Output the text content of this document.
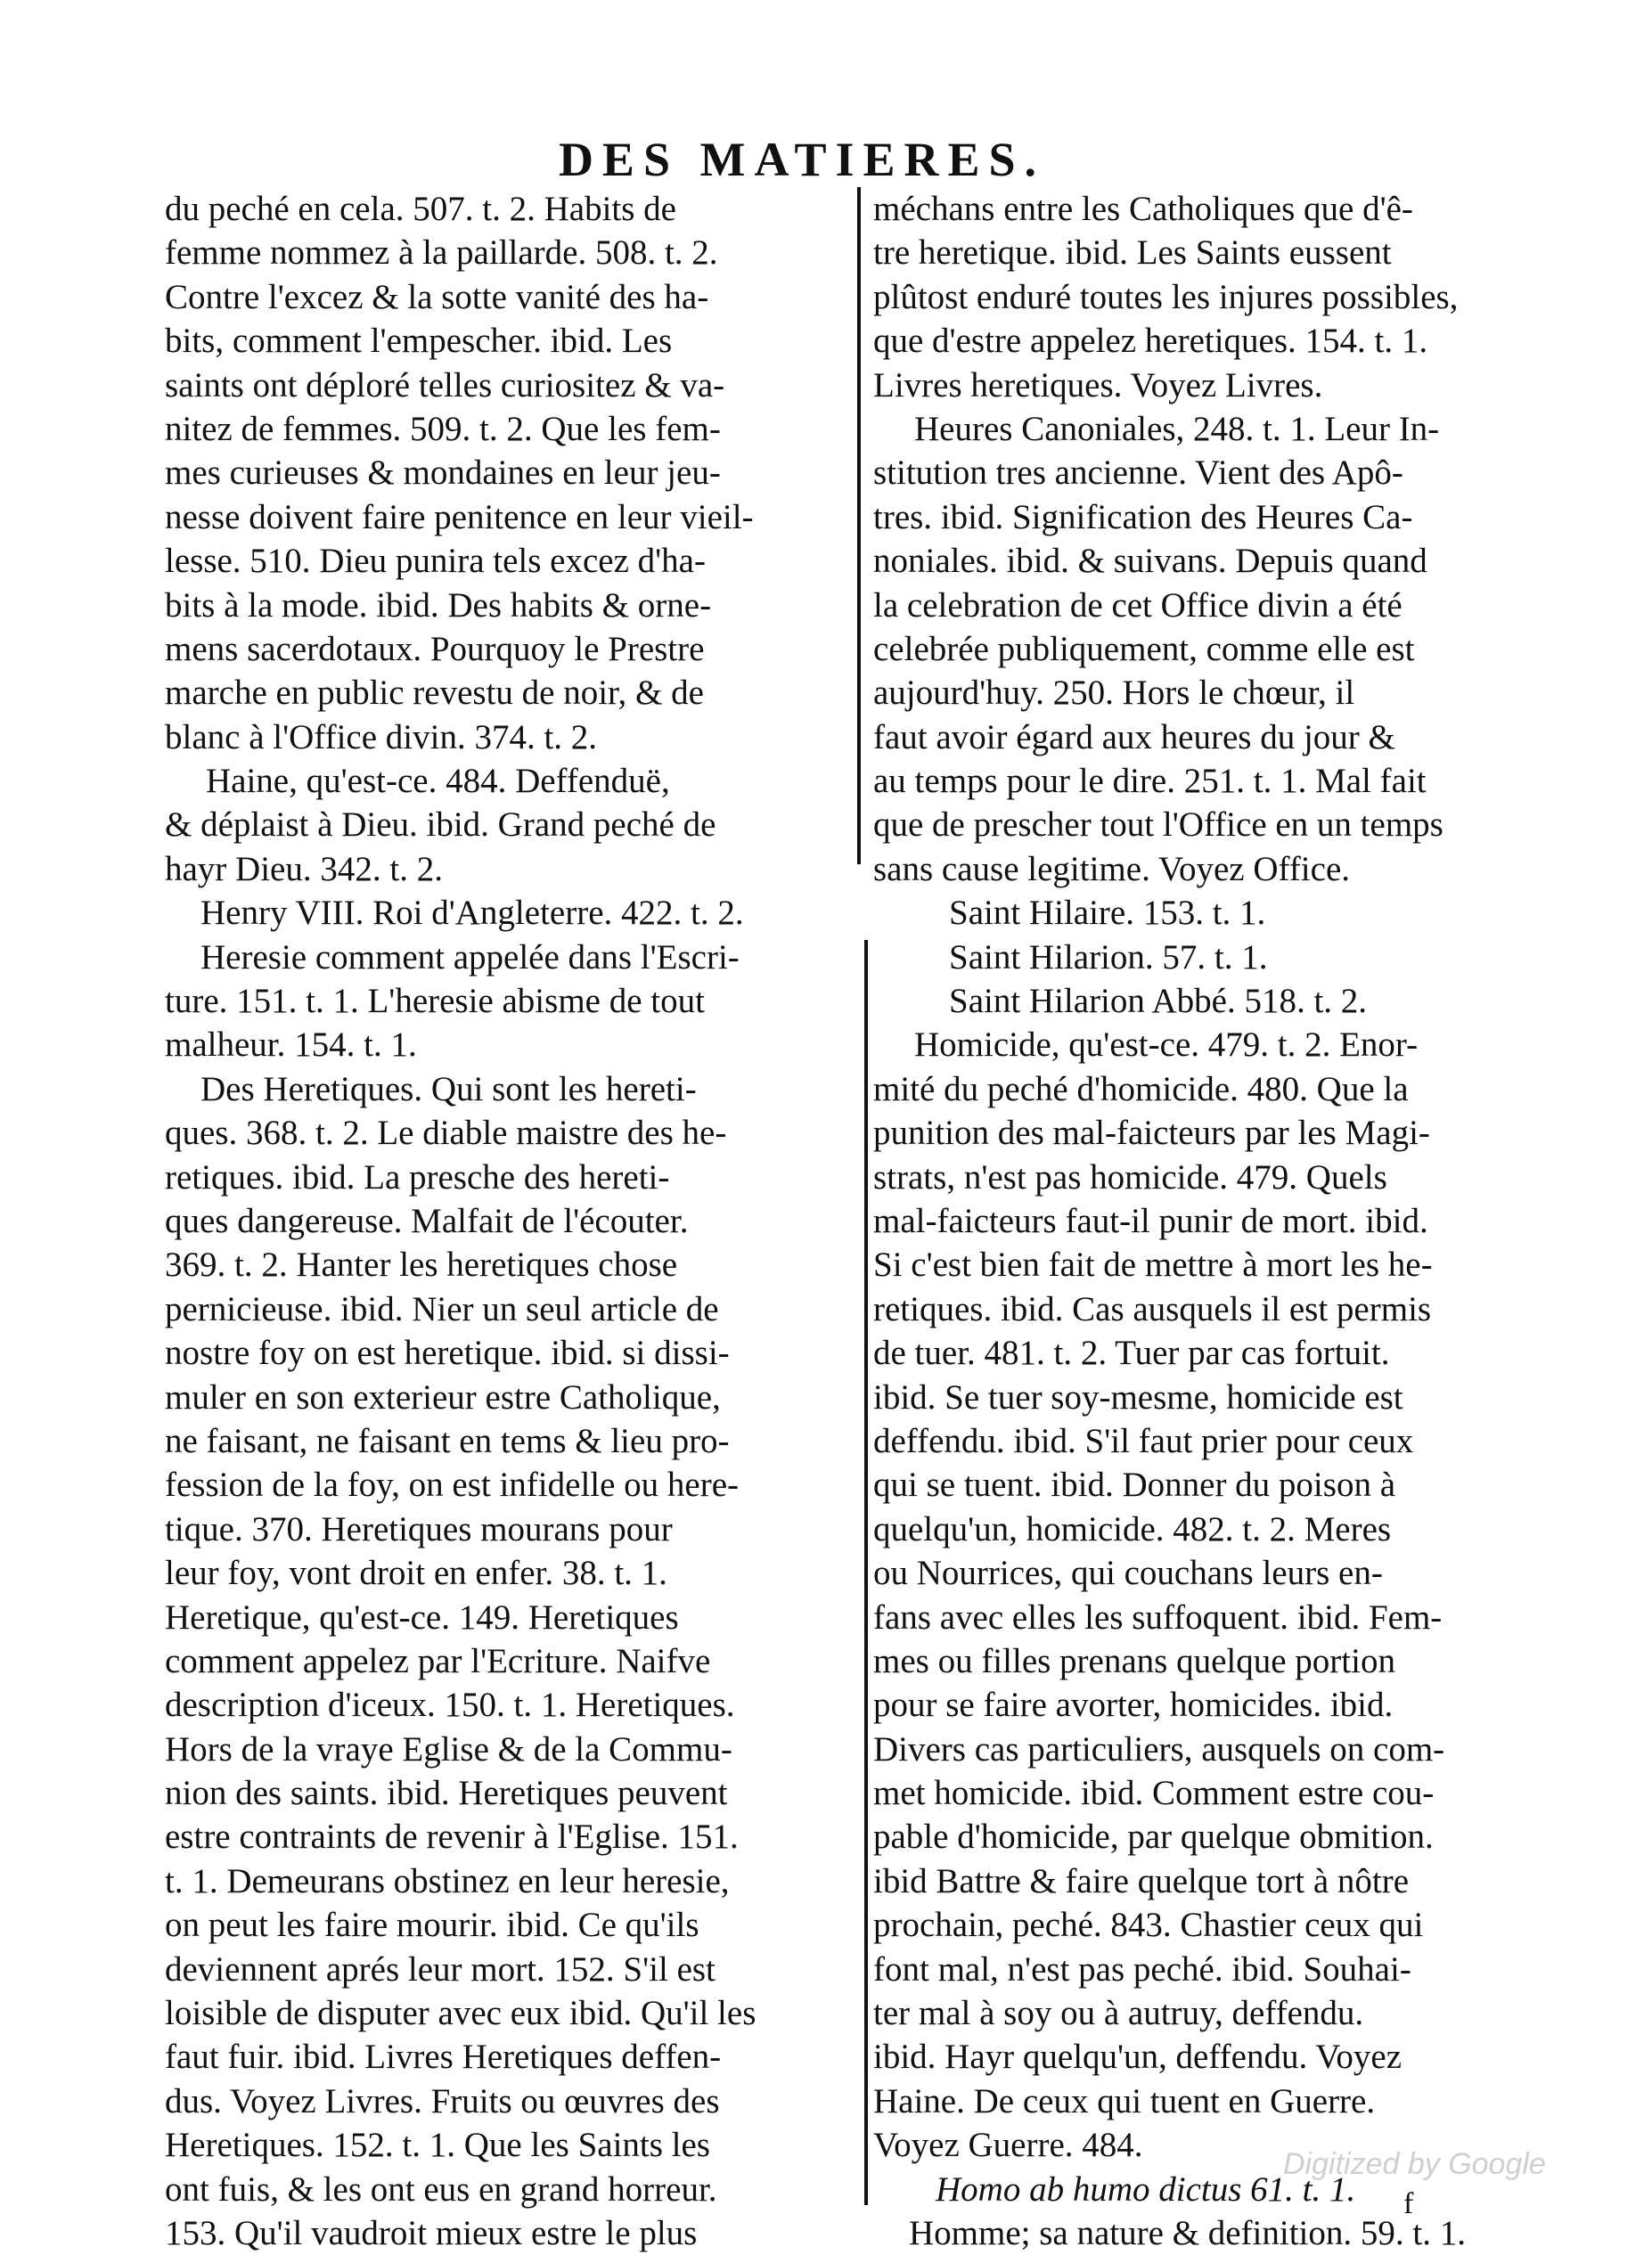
DES MATIERES.
du peché en cela. 507. t. 2. Habits de
femme nommez à la paillarde. 508. t. 2.
Contre l'excez & la sotte vanité des ha-
bits, comment l'empescher. ibid. Les
saints ont déploré telles curiositez & va-
nitez de femmes. 509. t. 2. Que les fem-
mes curieuses & mondaines en leur jeu-
nesse doivent faire penitence en leur vieil-
lesse. 510. Dieu punira tels excez d'ha-
bits à la mode. ibid. Des habits & orne-
mens sacerdotaux. Pourquoy le Prestre
marche en public revestu de noir, & de
blanc à l'Office divin. 374. t. 2.
Haine, qu'est-ce. 484. Deffenduë,
& déplaist à Dieu. ibid. Grand peché de
hayr Dieu. 342. t. 2.
Henry VIII. Roi d'Angleterre. 422. t. 2.
Heresie comment appelée dans l'Escri-
ture. 151. t. 1. L'heresie abisme de tout
malheur. 154. t. 1.
Des Heretiques. Qui sont les hereti-
ques. 368. t. 2. Le diable maistre des he-
retiques. ibid. La presche des hereti-
ques dangereuse. Malfait de l'écouter.
369. t. 2. Hanter les heretiques chose
pernicieuse. ibid. Nier un seul article de
nostre foy on est heretique. ibid. si dissi-
muler en son exterieur estre Catholique,
ne faisant, ne faisant en tems & lieu pro-
fession de la foy, on est infidelle ou here-
tique. 370. Heretiques mourans pour
leur foy, vont droit en enfer. 38. t. 1.
Heretique, qu'est-ce. 149. Heretiques
comment appelez par l'Ecriture. Naifve
description d'iceux. 150. t. 1. Heretiques.
Hors de la vraye Eglise & de la Commu-
nion des saints. ibid. Heretiques peuvent
estre contraints de revenir à l'Eglise. 151.
t. 1. Demeurans obstinez en leur heresie,
on peut les faire mourir. ibid. Ce qu'ils
deviennent aprés leur mort. 152. S'il est
loisible de disputer avec eux ibid. Qu'il les
faut fuir. ibid. Livres Heretiques deffen-
dus. Voyez Livres. Fruits ou œuvres des
Heretiques. 152. t. 1. Que les Saints les
ont fuis, & les ont eus en grand horreur.
153. Qu'il vaudroit mieux estre le plus
méchans entre les Catholiques que d'ê-
tre heretique. ibid. Les Saints eussent
plûtost enduré toutes les injures possibles,
que d'estre appelez heretiques. 154. t. 1.
Livres heretiques. Voyez Livres.
Heures Canoniales, 248. t. 1. Leur In-
stitution tres ancienne. Vient des Apô-
tres. ibid. Signification des Heures Ca-
noniales. ibid. & suivans. Depuis quand
la celebration de cet Office divin a été
celebrée publiquement, comme elle est
aujourd'huy. 250. Hors le chœur, il
faut avoir égard aux heures du jour &
au temps pour le dire. 251. t. 1. Mal fait
que de prescher tout l'Office en un temps
sans cause legitime. Voyez Office.
Saint Hilaire. 153. t. 1.
Saint Hilarion. 57. t. 1.
Saint Hilarion Abbé. 518. t. 2.
Homicide, qu'est-ce. 479. t. 2. Enor-
mité du peché d'homicide. 480. Que la
punition des mal-faicteurs par les Magi-
strats, n'est pas homicide. 479. Quels
mal-faicteurs faut-il punir de mort. ibid.
Si c'est bien fait de mettre à mort les he-
retiques. ibid. Cas ausquels il est permis
de tuer. 481. t. 2. Tuer par cas fortuit.
ibid. Se tuer soy-mesme, homicide est
deffendu. ibid. S'il faut prier pour ceux
qui se tuent. ibid. Donner du poison à
quelqu'un, homicide. 482. t. 2. Meres
ou Nourrices, qui couchans leurs en-
fans avec elles les suffoquent. ibid. Fem-
mes ou filles prenans quelque portion
pour se faire avorter, homicides. ibid.
Divers cas particuliers, ausquels on com-
met homicide. ibid. Comment estre cou-
pable d'homicide, par quelque obmition.
ibid Battre & faire quelque tort à nôtre
prochain, peché. 843. Chastier ceux qui
font mal, n'est pas peché. ibid. Souhai-
ter mal à soy ou à autruy, deffendu.
ibid. Hayr quelqu'un, deffendu. Voyez
Haine. De ceux qui tuent en Guerre.
Voyez Guerre. 484.
Homo ab humo dictus 61. t. 1.
Homme; sa nature & definition. 59. t. 1.
Digitized by Google
f
